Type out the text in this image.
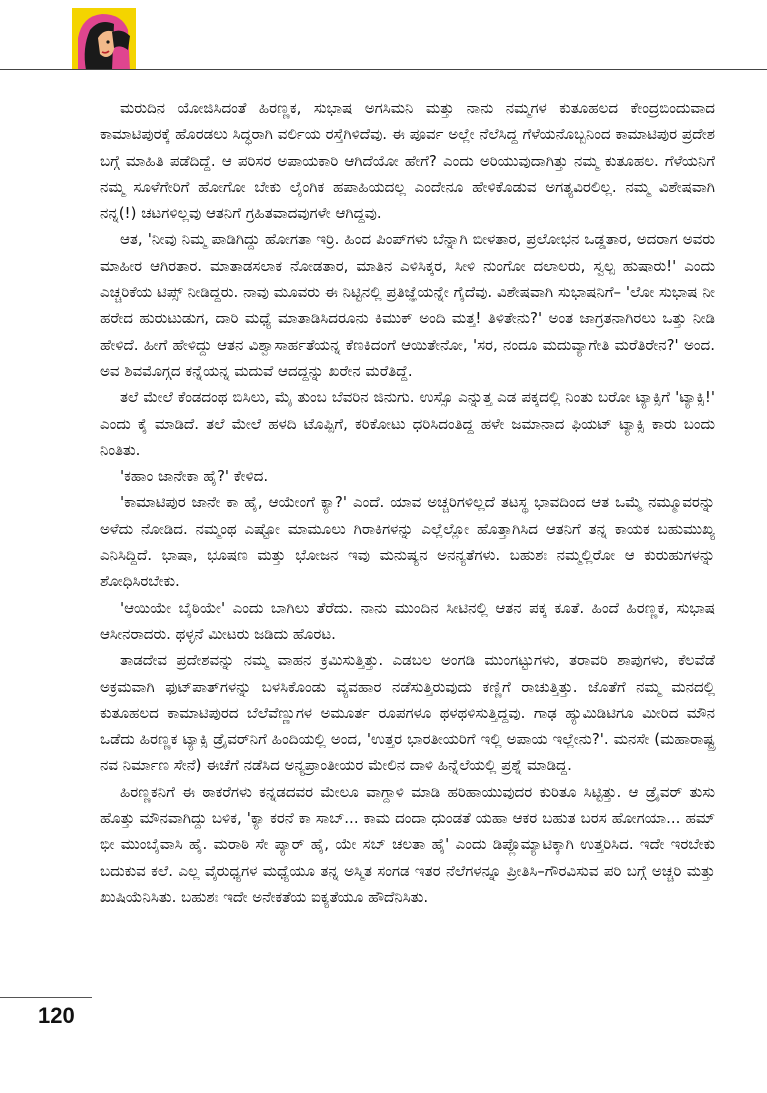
ಮರುದಿನ ಯೋಜಿಸಿದಂತೆ ಹಿರಣ್ಣಕ, ಸುಭಾಷ ಅಗಸಿಮನಿ ಮತ್ತು ನಾನು ನಮ್ಮಗಳ ಕುತೂಹಲದ ಕೇಂದ್ರಬಿಂದುವಾದ ಕಾಮಾಟಿಪುರಕ್ಕೆ ಹೊರಡಲು ಸಿದ್ಧರಾಗಿ ವರ್ಲಿಯ ರಸ್ತೆಗಿಳಿದೆವು. ಈ ಪೂರ್ವ ಅಲ್ಲೇ ನೆಲೆಸಿದ್ದ ಗೆಳೆಯನೊಬ್ಬನಿಂದ ಕಾಮಾಟಿಪುರ ಪ್ರದೇಶ ಬಗ್ಗೆ ಮಾಹಿತಿ ಪಡೆದಿದ್ದೆ. ಆ ಪರಿಸರ ಅಪಾಯಕಾರಿ ಆಗಿದೆಯೋ ಹೇಗೆ? ಎಂದು ಅರಿಯುವುದಾಗಿತ್ತು ನಮ್ಮ ಕುತೂಹಲ. ಗೆಳೆಯನಿಗೆ ನಮ್ಮ ಸೂಳೆಗೇರಿಗೆ ಹೋಗೋ ಬೇಕು ಲೈಂಗಿಕ ಹಪಾಹಿಯದಲ್ಲ ಎಂದೇನೂ ಹೇಳಿಕೊಡುವ ಅಗತ್ಯವಿರಲಿಲ್ಲ. ನಮ್ಮ ವಿಶೇಷವಾಗಿ ನನ್ನ(!) ಚಟಗಳಿಲ್ಲವು ಆತನಿಗೆ ಗ್ರಹಿತವಾದವುಗಳೇ ಆಗಿದ್ದವು.

ಆತ, 'ನೀವು ನಿಮ್ಮ ಪಾಡಿಗಿದ್ದು ಹೋಗತಾ ಇರ್ರಿ. ಹಿಂದ ಪಿಂಪ್‌ಗಳು ಬೆನ್ನಾಗಿ ಬೀಳತಾರ, ಪ್ರಲೋಭನ ಒಡ್ಡತಾರ, ಅದರಾಗ ಅವರು ಮಾಹೀರ ಆಗಿರತಾರ. ಮಾತಾಡಸಲಾಕ ನೋಡತಾರ, ಮಾತಿನ ಎಳಿಸಿಕ್ಕರ, ಸೀಳಿ ನುಂಗೋ ದಲಾಲರು, ಸ್ವಲ್ಪ ಹುಷಾರು!' ಎಂದು ಎಚ್ಚರಿಕೆಯ ಟಿಪ್ಸ್ ನೀಡಿದ್ದರು. ನಾವು ಮೂವರು ಈ ನಿಟ್ಟಿನಲ್ಲಿ ಪ್ರತಿಜ್ಞೆಯನ್ನೇ ಗೈದೆವು. ವಿಶೇಷವಾಗಿ ಸುಭಾಷನಿಗೆ– 'ಲೋ ಸುಭಾಷ ನೀ ಹರೇದ ಹುರುಟುಡುಗ, ದಾರಿ ಮಧ್ಯೆ ಮಾತಾಡಿಸಿದರೂನು ಕಿಮುಕ್ ಅಂದಿ ಮತ್ತ! ತಿಳಿತೇನು?' ಅಂತ ಜಾಗ್ರತನಾಗಿರಲು ಒತ್ತು ನೀಡಿ ಹೇಳಿದೆ. ಹೀಗೆ ಹೇಳಿದ್ದು ಆತನ ವಿಶ್ವಾಸಾರ್ಹತೆಯನ್ನ ಕೆಣಕಿದಂಗೆ ಆಯಿತೇನೋ, 'ಸರ, ನಂದೂ ಮದುವ್ಯಾಗೇತಿ ಮರೆತಿರೇನ?' ಅಂದ. ಅವ ಶಿವಮೊಗ್ಗದ ಕನ್ನೆಯನ್ನ ಮದುವೆ ಆದದ್ದನ್ನು ಖರೇನ ಮರೆತಿದ್ದೆ.

ತಲೆ ಮೇಲೆ ಕೆಂಡದಂಥ ಬಿಸಿಲು, ಮೈ ತುಂಬ ಬೆವರಿನ ಜಿನುಗು. ಉಸ್ಸೊ ಎನ್ನುತ್ತ ಎಡ ಪಕ್ಕದಲ್ಲಿ ನಿಂತು ಬರೋ ಟ್ಯಾಕ್ಸಿಗೆ 'ಟ್ಯಾಕ್ಸಿ!' ಎಂದು ಕೈ ಮಾಡಿದೆ. ತಲೆ ಮೇಲೆ ಹಳದಿ ಟೊಪ್ಪಿಗೆ, ಕರಿಕೋಟು ಧರಿಸಿದಂತಿದ್ದ ಹಳೇ ಜಮಾನಾದ ಫಿಯಟ್ ಟ್ಯಾಕ್ಸಿ ಕಾರು ಬಂದು ನಿಂತಿತು.

'ಕಹಾಂ ಜಾನೇಕಾ ಹೈ?' ಕೇಳಿದ.

'ಕಾಮಾಟಿಪುರ ಜಾನೇ ಕಾ ಹೈ, ಆಯೇಂಗೆ ಕ್ಯಾ?' ಎಂದೆ. ಯಾವ ಅಚ್ಚರಿಗಳಿಲ್ಲದೆ ತಟಸ್ಥ ಭಾವದಿಂದ ಆತ ಒಮ್ಮೆ ನಮ್ಮೂವರನ್ನು ಅಳೆದು ನೋಡಿದ. ನಮ್ಮಂಥ ಎಷ್ಟೋ ಮಾಮೂಲು ಗಿರಾಕಿಗಳನ್ನು ಎಲ್ಲೆಲ್ಲೋ ಹೊತ್ತಾಗಿಸಿದ ಆತನಿಗೆ ತನ್ನ ಕಾಯಕ ಬಹುಮುಖ್ಯ ಎನಿಸಿದ್ದಿದೆ. ಭಾಷಾ, ಭೂಷಣ ಮತ್ತು ಭೋಜನ ಇವು ಮನುಷ್ಯನ ಅನನ್ಯತೆಗಳು. ಬಹುಶಃ ನಮ್ಮಲ್ಲಿರೋ ಆ ಕುರುಹುಗಳನ್ನು ಶೋಧಿಸಿರಬೇಕು.

'ಆಯಿಯೇ ಬೈಠಿಯೇ' ಎಂದು ಬಾಗಿಲು ತೆರೆದು. ನಾನು ಮುಂದಿನ ಸೀಟಿನಲ್ಲಿ ಆತನ ಪಕ್ಕ ಕೂತೆ. ಹಿಂದೆ ಹಿರಣ್ಣಕ, ಸುಭಾಷ ಆಸೀನರಾದರು. ಥಳ್ಳನೆ ಮೀಟರು ಜಡಿದು ಹೊರಟ.

ತಾಡದೇವ ಪ್ರದೇಶವನ್ನು ನಮ್ಮ ವಾಹನ ಕ್ರಮಿಸುತ್ತಿತ್ತು. ಎಡಬಲ ಅಂಗಡಿ ಮುಂಗಟ್ಟುಗಳು, ತರಾವರಿ ಶಾಪುಗಳು, ಕೆಲವೆಡೆ ಅಕ್ರಮವಾಗಿ ಫುಟ್‌ಪಾತ್‌ಗಳನ್ನು ಬಳಸಿಕೊಂಡು ವ್ಯವಹಾರ ನಡೆಸುತ್ತಿರುವುದು ಕಣ್ಣಿಗೆ ರಾಚುತ್ತಿತ್ತು. ಜೊತೆಗೆ ನಮ್ಮ ಮನದಲ್ಲಿ ಕುತೂಹಲದ ಕಾಮಾಟಿಪುರದ ಬೆಲೆವೆಣ್ಣುಗಳ ಅಮೂರ್ತ ರೂಪಗಳೂ ಥಳಥಳಿಸುತ್ತಿದ್ದವು. ಗಾಢ ಹ್ಯುಮಿಡಿಟಿಗೂ ಮೀರಿದ ಮೌನ ಒಡೆದು ಹಿರಣ್ಣಕ ಟ್ಯಾಕ್ಸಿ ಡ್ರೈವರ್‌ನಿಗೆ ಹಿಂದಿಯಲ್ಲಿ ಅಂದ, 'ಉತ್ತರ ಭಾರತೀಯರಿಗೆ ಇಲ್ಲಿ ಅಪಾಯ ಇಲ್ಲೇನು?'. ಮನಸೇ (ಮಹಾರಾಷ್ಟ್ರ ನವ ನಿರ್ಮಾಣ ಸೇನೆ) ಈಚೆಗೆ ನಡೆಸಿದ ಅನ್ಯಪ್ರಾಂತೀಯರ ಮೇಲಿನ ದಾಳಿ ಹಿನ್ನೆಲೆಯಲ್ಲಿ ಪ್ರಶ್ನೆ ಮಾಡಿದ್ದ.

ಹಿರಣ್ಣಕನಿಗೆ ಈ ಠಾಕರೆಗಳು ಕನ್ನಡದವರ ಮೇಲೂ ವಾಗ್ದಾಳಿ ಮಾಡಿ ಹರಿಹಾಯುವುದರ ಕುರಿತೂ ಸಿಟ್ಟಿತ್ತು. ಆ ಡ್ರೈವರ್ ತುಸು ಹೊತ್ತು ಮೌನವಾಗಿದ್ದು ಬಳಿಕ, 'ಕ್ಯಾ ಕರನೆ ಕಾ ಸಾಬ್... ಕಾಮ ದಂದಾ ಧುಂಡತೆ ಯಹಾ ಆಕರ ಬಹುತ ಬರಸ ಹೋಗಯಾ... ಹಮ್ ಭೀ ಮುಂಬೈವಾಸಿ ಹೈ. ಮರಾಠಿ ಸೇ ಪ್ಯಾರ್ ಹೈ, ಯೇ ಸಬ್ ಚಲತಾ ಹೈ' ಎಂದು ಡಿಪ್ಲೊಮ್ಯಾಟಿಕ್ಕಾಗಿ ಉತ್ತರಿಸಿದ. ಇದೇ ಇರಬೇಕು ಬದುಕುವ ಕಲೆ. ಎಲ್ಲ ವೈರುಧ್ಯಗಳ ಮಧ್ಯೆಯೂ ತನ್ನ ಅಸ್ಮಿತ ಸಂಗಡ ಇತರ ನೆಲೆಗಳನ್ನೂ ಪ್ರೀತಿಸಿ–ಗೌರವಿಸುವ ಪರಿ ಬಗ್ಗೆ ಅಚ್ಚರಿ ಮತ್ತು ಖುಷಿಯೆನಿಸಿತು. ಬಹುಶಃ ಇದೇ ಅನೇಕತೆಯ ಐಕ್ಯತೆಯೂ ಹೌದೆನಿಸಿತು.

120
